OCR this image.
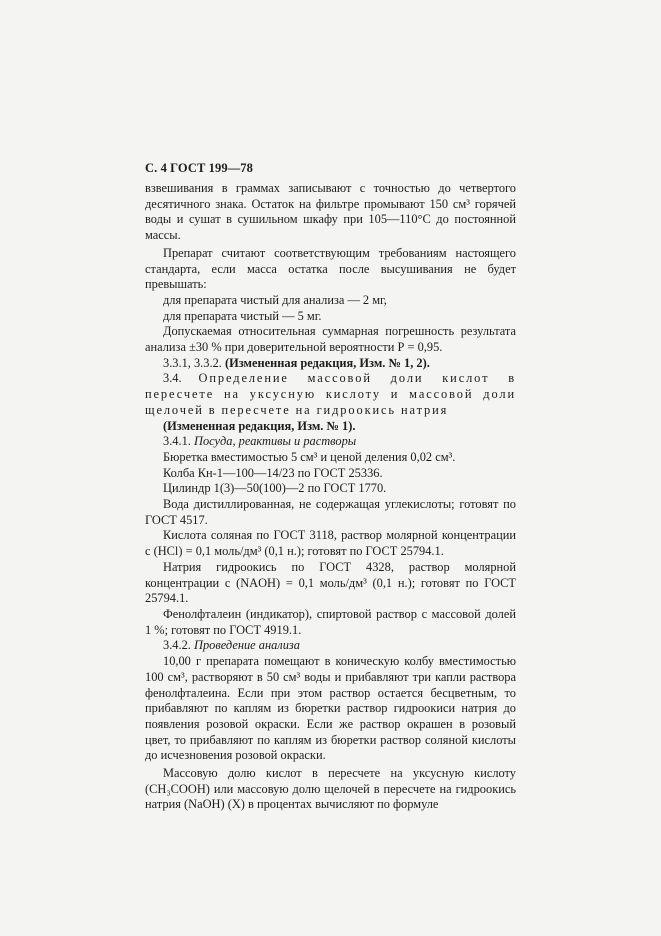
С. 4 ГОСТ 199—78

взвешивания в граммах записывают с точностью до четвертого десятичного знака. Остаток на фильтре промывают 150 см³ горячей воды и сушат в сушильном шкафу при 105—110°С до постоянной массы.

Препарат считают соответствующим требованиям настоящего стандарта, если масса остатка после высушивания не будет превышать:

для препарата чистый для анализа — 2 мг,

для препарата чистый — 5 мг.

Допускаемая относительная суммарная погрешность результата анализа ±30 % при доверительной вероятности Р = 0,95.

3.3.1, 3.3.2. (Измененная редакция, Изм. № 1, 2).

3.4. Определение массовой доли кислот в пересчете на уксусную кислоту и массовой доли щелочей в пересчете на гидроокись натрия

(Измененная редакция, Изм. № 1).

3.4.1. Посуда, реактивы и растворы

Бюретка вместимостью 5 см³ и ценой деления 0,02 см³.

Колба Кн-1—100—14/23 по ГОСТ 25336.

Цилиндр 1(3)—50(100)—2 по ГОСТ 1770.

Вода дистиллированная, не содержащая углекислоты; готовят по ГОСТ 4517.

Кислота соляная по ГОСТ 3118, раствор молярной концентрации c (HCl) = 0,1 моль/дм³ (0,1 н.); готовят по ГОСТ 25794.1.

Натрия гидроокись по ГОСТ 4328, раствор молярной концентрации c (NAOH) = 0,1 моль/дм³ (0,1 н.); готовят по ГОСТ 25794.1.

Фенолфталеин (индикатор), спиртовой раствор с массовой долей 1 %; готовят по ГОСТ 4919.1.

3.4.2. Проведение анализа

10,00 г препарата помещают в коническую колбу вместимостью 100 см³, растворяют в 50 см³ воды и прибавляют три капли раствора фенолфталеина. Если при этом раствор остается бесцветным, то прибавляют по каплям из бюретки раствор гидроокиси натрия до появления розовой окраски. Если же раствор окрашен в розовый цвет, то прибавляют по каплям из бюретки раствор соляной кислоты до исчезновения розовой окраски.

Массовую долю кислот в пересчете на уксусную кислоту (CH₃COOH) или массовую долю щелочей в пересчете на гидроокись натрия (NaOH) (X) в процентах вычисляют по формуле
